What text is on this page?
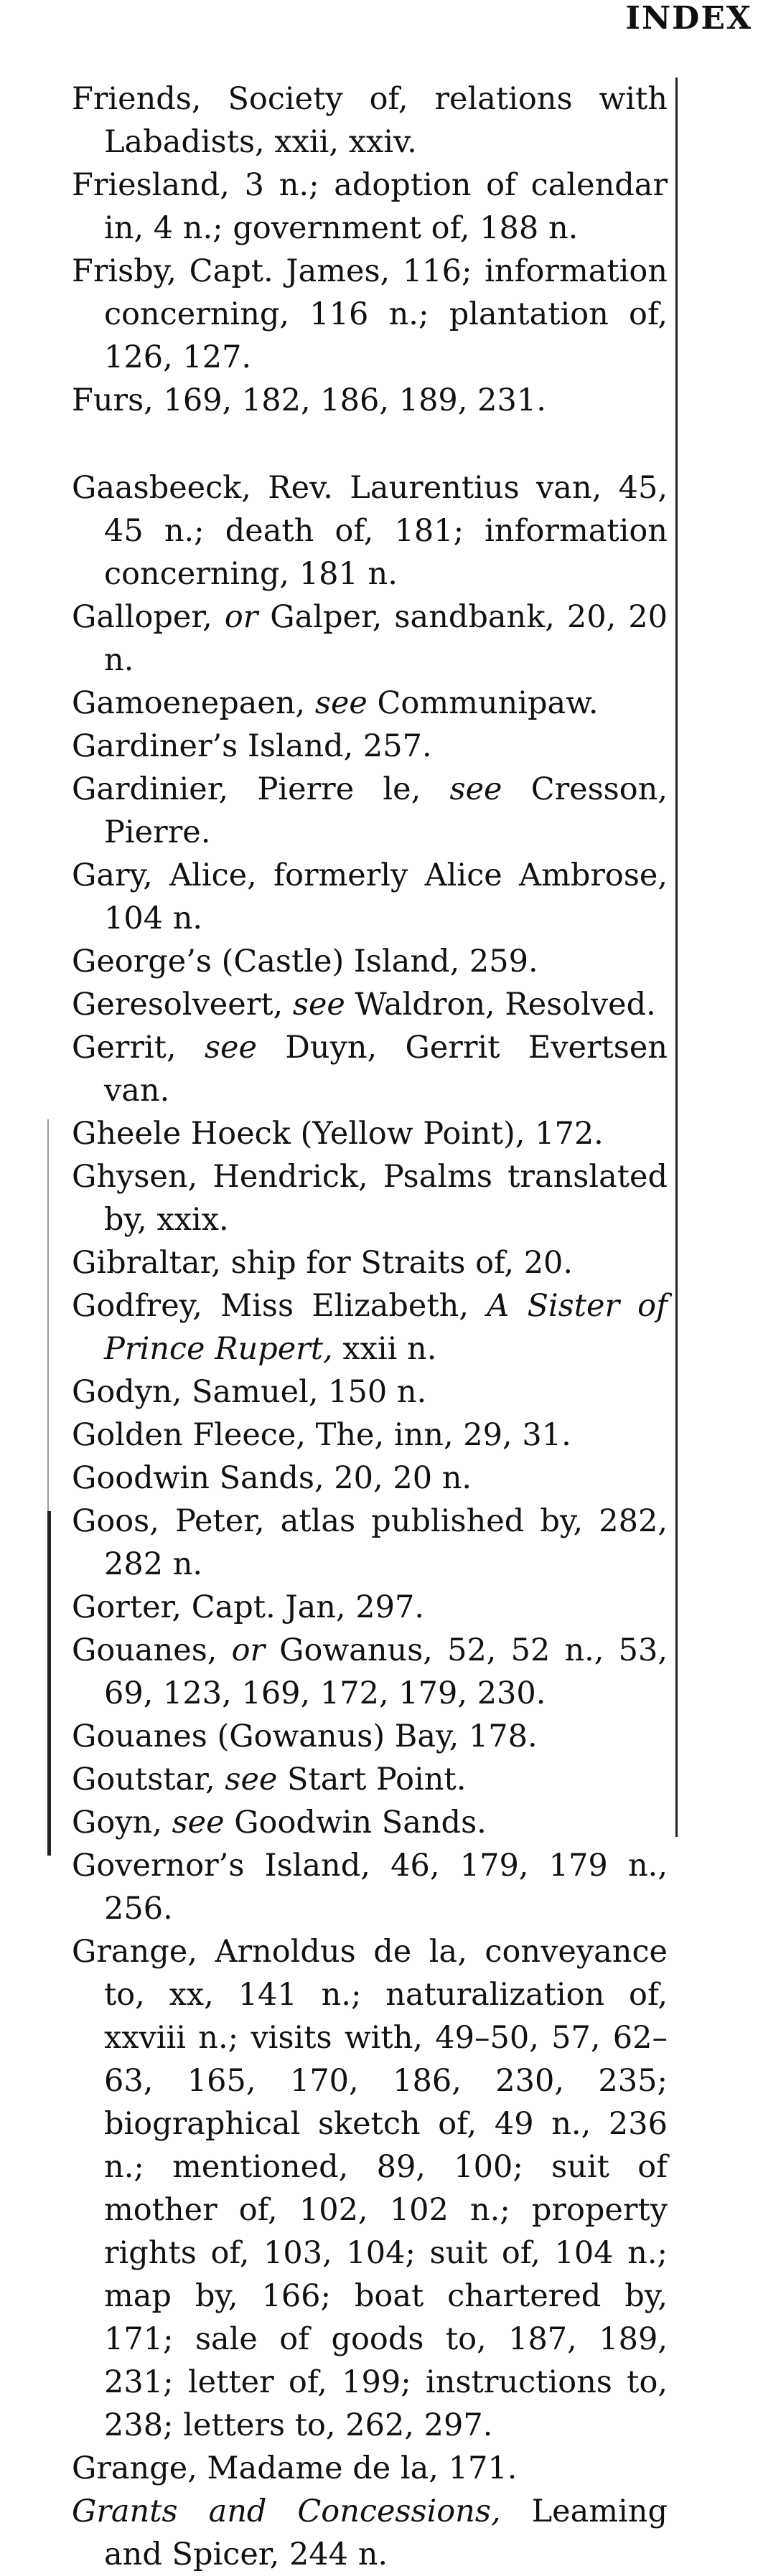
INDEX
Friends, Society of, relations with Labadists, xxii, xxiv.
Friesland, 3 n.; adoption of calendar in, 4 n.; government of, 188 n.
Frisby, Capt. James, 116; information concerning, 116 n.; plantation of, 126, 127.
Furs, 169, 182, 186, 189, 231.
Gaasbeeck, Rev. Laurentius van, 45, 45 n.; death of, 181; information concerning, 181 n.
Galloper, or Galper, sandbank, 20, 20 n.
Gamoenepaen, see Communipaw.
Gardiner’s Island, 257.
Gardinier, Pierre le, see Cresson, Pierre.
Gary, Alice, formerly Alice Ambrose, 104 n.
George’s (Castle) Island, 259.
Geresolveert, see Waldron, Resolved.
Gerrit, see Duyn, Gerrit Evertsen van.
Gheele Hoeck (Yellow Point), 172.
Ghysen, Hendrick, Psalms translated by, xxix.
Gibraltar, ship for Straits of, 20.
Godfrey, Miss Elizabeth, A Sister of Prince Rupert, xxii n.
Godyn, Samuel, 150 n.
Golden Fleece, The, inn, 29, 31.
Goodwin Sands, 20, 20 n.
Goos, Peter, atlas published by, 282, 282 n.
Gorter, Capt. Jan, 297.
Gouanes, or Gowanus, 52, 52 n., 53, 69, 123, 169, 172, 179, 230.
Gouanes (Gowanus) Bay, 178.
Goutstar, see Start Point.
Goyn, see Goodwin Sands.
Governor’s Island, 46, 179, 179 n., 256.
Grange, Arnoldus de la, conveyance to, xx, 141 n.; naturalization of, xxviii n.; visits with, 49–50, 57, 62–63, 165, 170, 186, 230, 235; biographical sketch of, 49 n., 236 n.; mentioned, 89, 100; suit of mother of, 102, 102 n.; property rights of, 103, 104; suit of, 104 n.; map by, 166; boat chartered by, 171; sale of goods to, 187, 189, 231; letter of, 199; instructions to, 238; letters to, 262, 297.
Grange, Madame de la, 171.
Grants and Concessions, Leaming and Spicer, 244 n.
